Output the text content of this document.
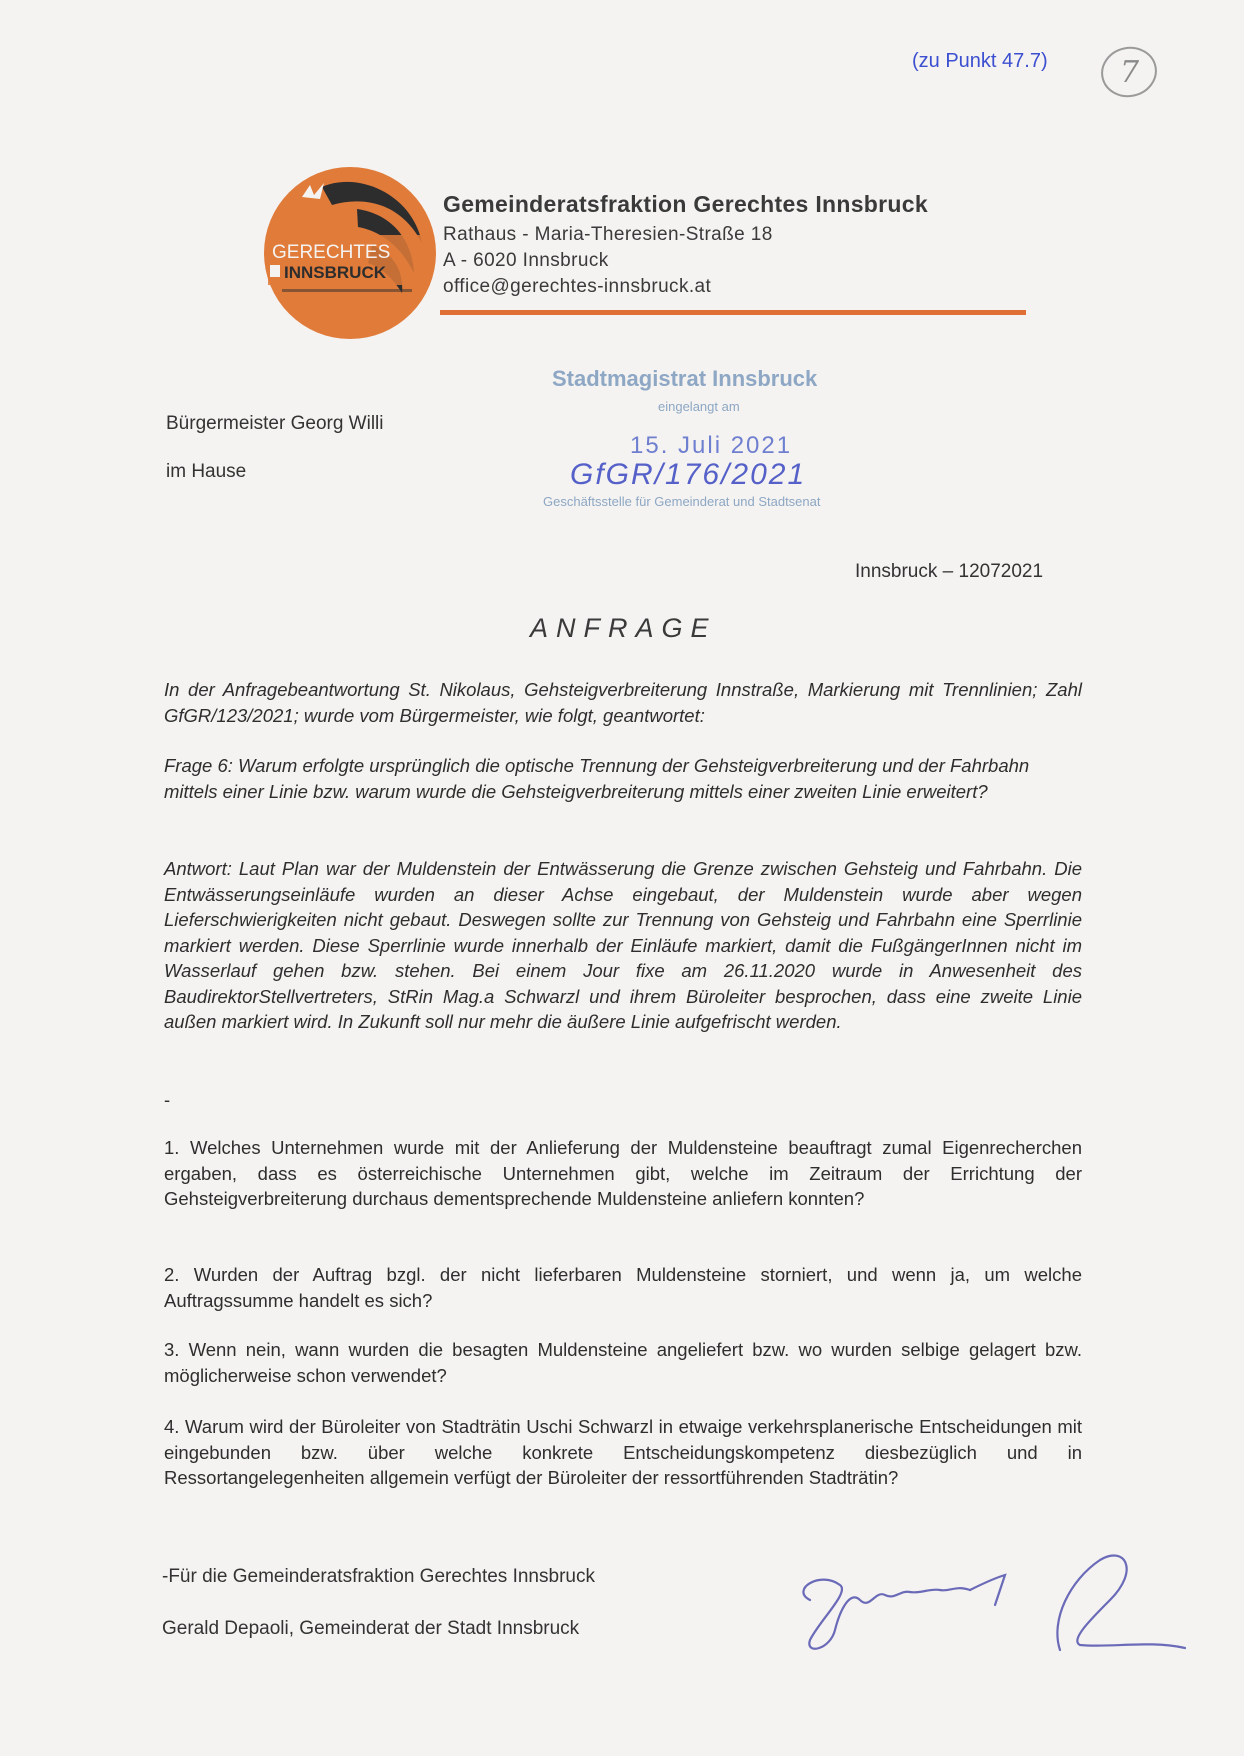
(zu Punkt 47.7) 7
GERECHTES
INNSBRUCK
Gemeinderatsfraktion Gerechtes Innsbruck
Rathaus - Maria-Theresien-Straße 18
A - 6020 Innsbruck
office@gerechtes-innsbruck.at
Bürgermeister Georg Willi
im Hause
Stadtmagistrat Innsbruck
eingelangt am
15. Juli 2021
GfGR/176/2021
Geschäftsstelle für Gemeinderat und Stadtsenat
Innsbruck – 12072021
ANFRAGE
In der Anfragebeantwortung St. Nikolaus, Gehsteigverbreiterung Innstraße, Markierung mit Trennlinien; Zahl GfGR/123/2021; wurde vom Bürgermeister, wie folgt, geantwortet:
Frage 6: Warum erfolgte ursprünglich die optische Trennung der Gehsteigverbreiterung und der Fahrbahn mittels einer Linie bzw. warum wurde die Gehsteigverbreiterung mittels einer zweiten Linie erweitert?
Antwort: Laut Plan war der Muldenstein der Entwässerung die Grenze zwischen Gehsteig und Fahrbahn. Die Entwässerungseinläufe wurden an dieser Achse eingebaut, der Muldenstein wurde aber wegen Lieferschwierigkeiten nicht gebaut. Deswegen sollte zur Trennung von Gehsteig und Fahrbahn eine Sperrlinie markiert werden. Diese Sperrlinie wurde innerhalb der Einläufe markiert, damit die FußgängerInnen nicht im Wasserlauf gehen bzw. stehen. Bei einem Jour fixe am 26.11.2020 wurde in Anwesenheit des BaudirektorStellvertreters, StRin Mag.a Schwarzl und ihrem Büroleiter besprochen, dass eine zweite Linie außen markiert wird. In Zukunft soll nur mehr die äußere Linie aufgefrischt werden.
-
1. Welches Unternehmen wurde mit der Anlieferung der Muldensteine beauftragt zumal Eigenrecherchen ergaben, dass es österreichische Unternehmen gibt, welche im Zeitraum der Errichtung der Gehsteigverbreiterung durchaus dementsprechende Muldensteine anliefern konnten?
2. Wurden der Auftrag bzgl. der nicht lieferbaren Muldensteine storniert, und wenn ja, um welche Auftragssumme handelt es sich?
3. Wenn nein, wann wurden die besagten Muldensteine angeliefert bzw. wo wurden selbige gelagert bzw. möglicherweise schon verwendet?
4. Warum wird der Büroleiter von Stadträtin Uschi Schwarzl in etwaige verkehrsplanerische Entscheidungen mit eingebunden bzw. über welche konkrete Entscheidungskompetenz diesbezüglich und in Ressortangelegenheiten allgemein verfügt der Büroleiter der ressortführenden Stadträtin?
-Für die Gemeinderatsfraktion Gerechtes Innsbruck
Gerald Depaoli, Gemeinderat der Stadt Innsbruck
